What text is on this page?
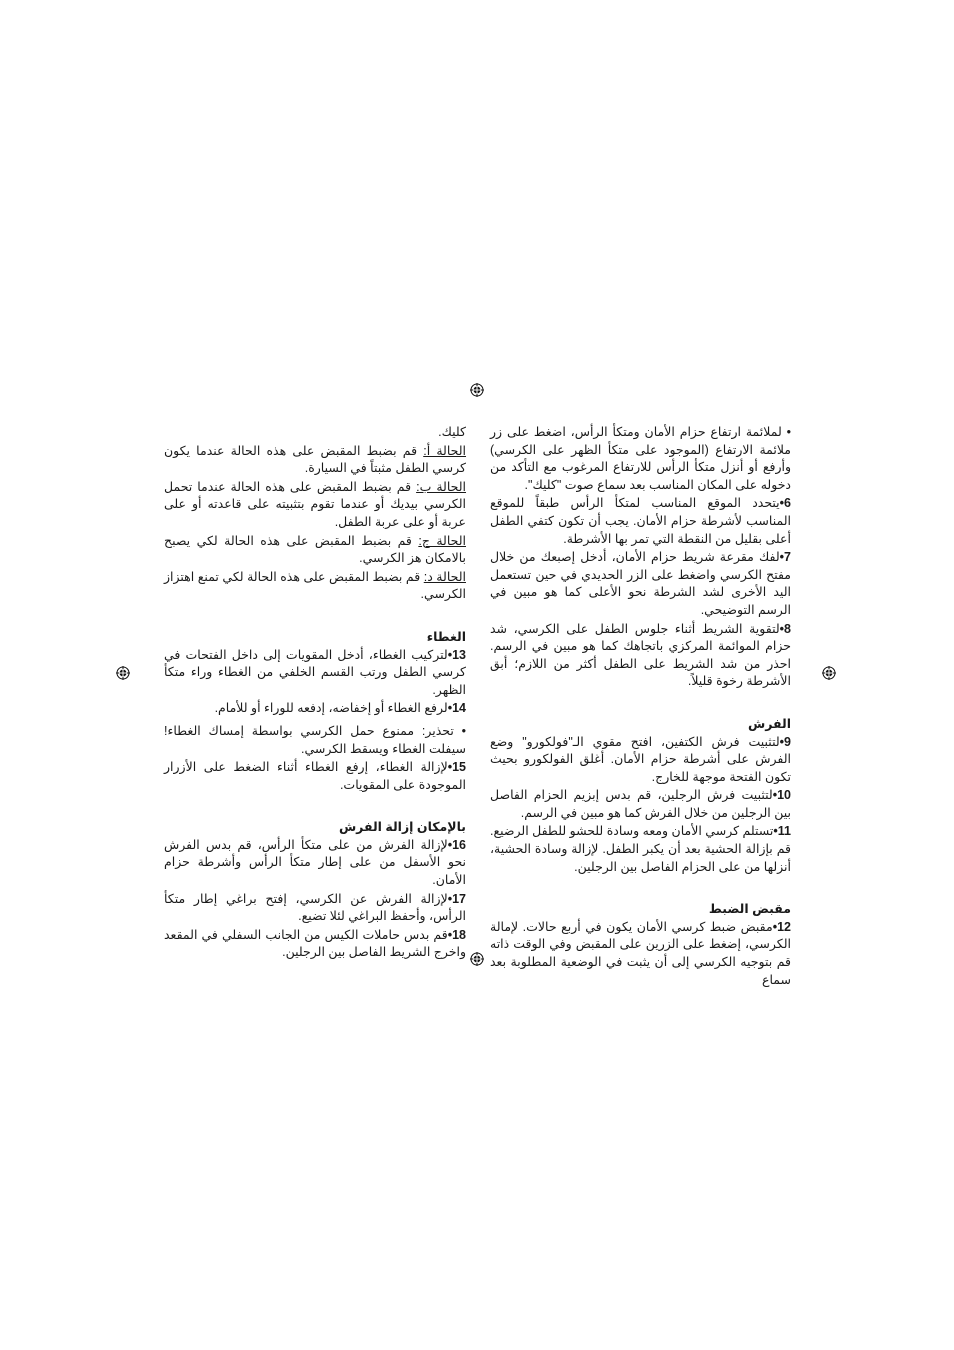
• لملائمة ارتفاع حزام الأمان ومتكأ الرأس، اضغط على زر ملائمة الارتفاع (الموجود على متكأ الظهر على الكرسي) وأرفع أو أنزل متكأ الرأس للارتفاع المرغوب مع التأكد من دخوله على المكان المناسب بعد سماع صوت "كليك".

6•يتحدد الموقع المناسب لمتكأ الرأس طبقاً للموقع المناسب لأشرطة حزام الأمان. يجب أن تكون كتفي الطفل أعلى بقليل من النقطة التي تمر بها الأشرطة.

7•لفك مقرعة شريط حزام الأمان، أدخل إصبعك من خلال مفتح الكرسي واضغط على الزر الحديدي في حين تستعمل اليد الأخرى لشد الشرطة نحو الأعلى كما هو مبين في الرسم التوضيحي.

8•لتقوية الشريط أثناء جلوس الطفل على الكرسي، شد حزام الموائمة المركزي باتجاهك كما هو مبين في الرسم. احذر من شد الشريط على الطفل أكثر من اللازم؛ أبق الأشرطة رخوة قليلاً.

الفرش

9•لتثبيت فرش الكتفين، افتح مقوي الـ"فولكورو" وضع الفرش على أشرطة حزام الأمان. أغلق الفولكورو بحيث تكون الفتحة موجهة للخارج.

10•لتثبيت فرش الرجلين، قم بدس إبزيم الحزام الفاصل بين الرجلين من خلال الفرش كما هو مبين في الرسم.

11•تستلم كرسي الأمان ومعه وسادة للحشو للطفل الرضيع. قم بإزالة الحشية بعد أن يكبر الطفل. لإزالة وسادة الحشية، أنزلها من على الحزام الفاصل بين الرجلين.

مقبض الضبط

12•مقبض ضبط كرسي الأمان يكون في أربع حالات. لإمالة الكرسي، إضغط على الزرين على المقبض وفي الوقت ذاته قم بتوجيه الكرسي إلى أن يثبت في الوضعية المطلوبة بعد سماع

كليك.

الحالة أ: قم بضبط المقبض على هذه الحالة عندما يكون كرسي الطفل مثبتاً في السيارة.

الحالة ب: قم بضبط المقبض على هذه الحالة عندما تحمل الكرسي بيديك أو عندما تقوم بتثبيته على قاعدته أو على عربة أو على عربة الطفل.

الحالة ج: قم بضبط المقبض على هذه الحالة لكي يصبح بالامكان هز الكرسي.

الحالة د: قم بضبط المقبض على هذه الحالة لكي تمنع اهتزاز الكرسي.

الغطاء

13•لتركيب الغطاء، أدخل المقويات إلى داخل الفتحات في كرسي الطفل ورتب القسم الخلفي من الغطاء وراء متكأ الظهر.

14•لرفع الغطاء أو إخفاضه، إدفعه للوراء أو للأمام.

• تحذير: ممنوع حمل الكرسي بواسطة إمساك الغطاء! سيفلت الغطاء ويسقط الكرسي.

15•لإزالة الغطاء، إرفع الغطاء أثناء الضغط على الأزرار الموجودة على المقويات.

بالإمكان إزالة الفرش

16•لإزالة الفرش من على متكأ الرأس، قم بدس الفرش نحو الأسفل من على إطار متكأ الرأس وأشرطة حزام الأمان.

17•لإزالة الفرش عن الكرسي، إفتح براغي إطار متكأ الرأس، وأحفظ البراغي لئلا تضيع.

18•قم بدس حاملات الكيس من الجانب السفلي في المقعد واخرج الشريط الفاصل بين الرجلين.
